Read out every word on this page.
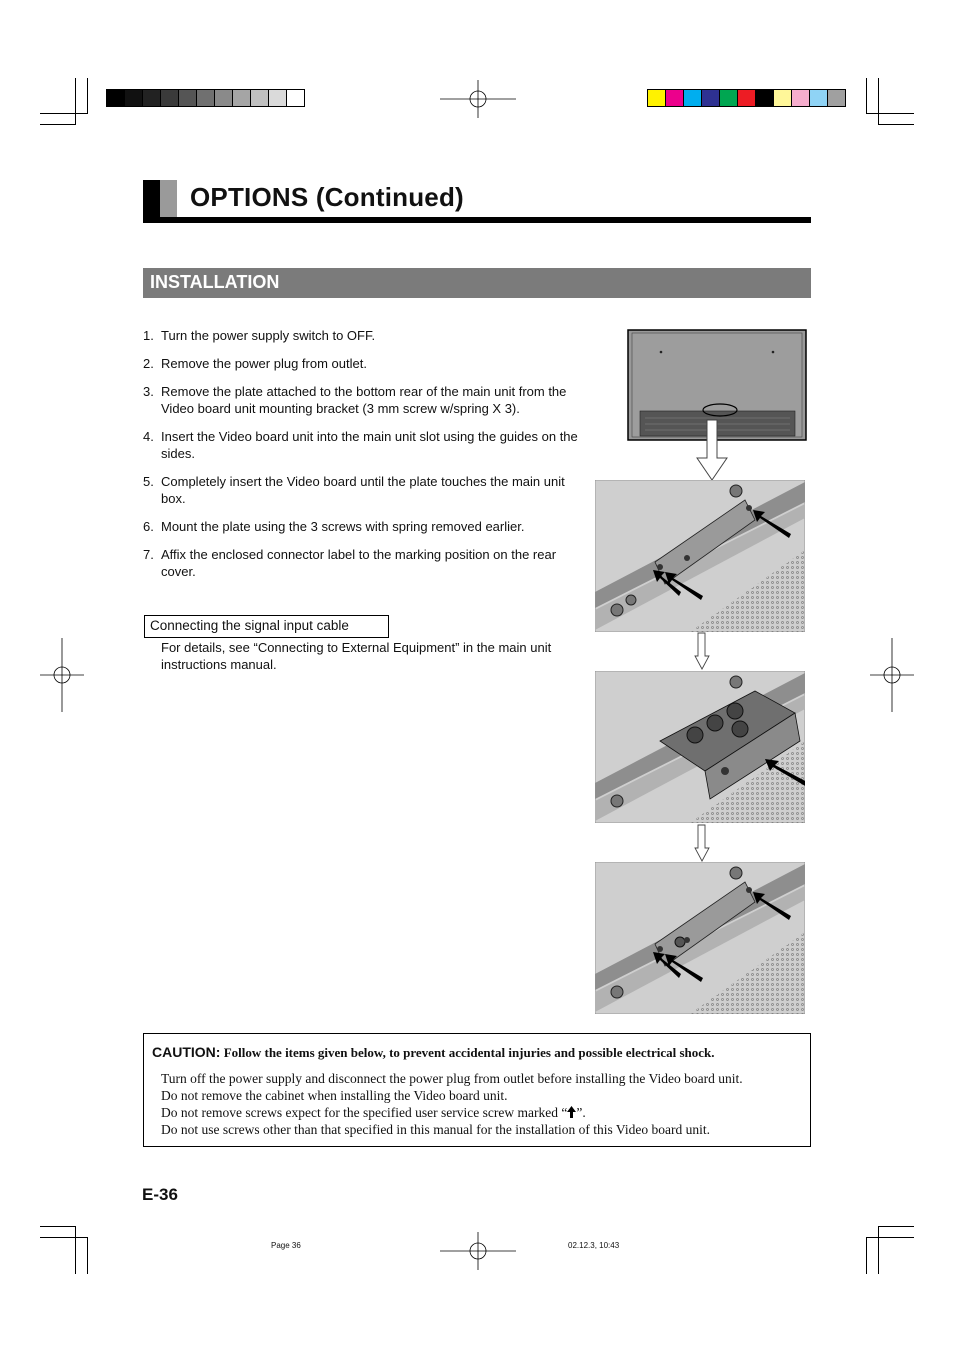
OPTIONS (Continued)
INSTALLATION
1. Turn the power supply switch to OFF.
2. Remove the power plug from outlet.
3. Remove the plate attached to the bottom rear of the main unit from the Video board unit mounting bracket (3 mm screw w/spring X 3).
4. Insert the Video board unit into the main unit slot using the guides on the sides.
5. Completely insert the Video board until the plate touches the main unit box.
6. Mount the plate using the 3 screws with spring removed earlier.
7. Affix the enclosed connector label to the marking position on the rear cover.
Connecting the signal input cable
For details, see “Connecting to External Equipment” in the main unit instructions manual.
CAUTION: Follow the items given below, to prevent accidental injuries and possible electrical shock.
Turn off the power supply and disconnect the power plug from outlet before installing the Video board unit.
Do not remove the cabinet when installing the Video board unit.
Do not remove screws expect for the specified user service screw marked “ ”.
Do not use screws other than that specified in this manual for the installation of this Video board unit.
E-36
Page 36	02.12.3, 10:43
